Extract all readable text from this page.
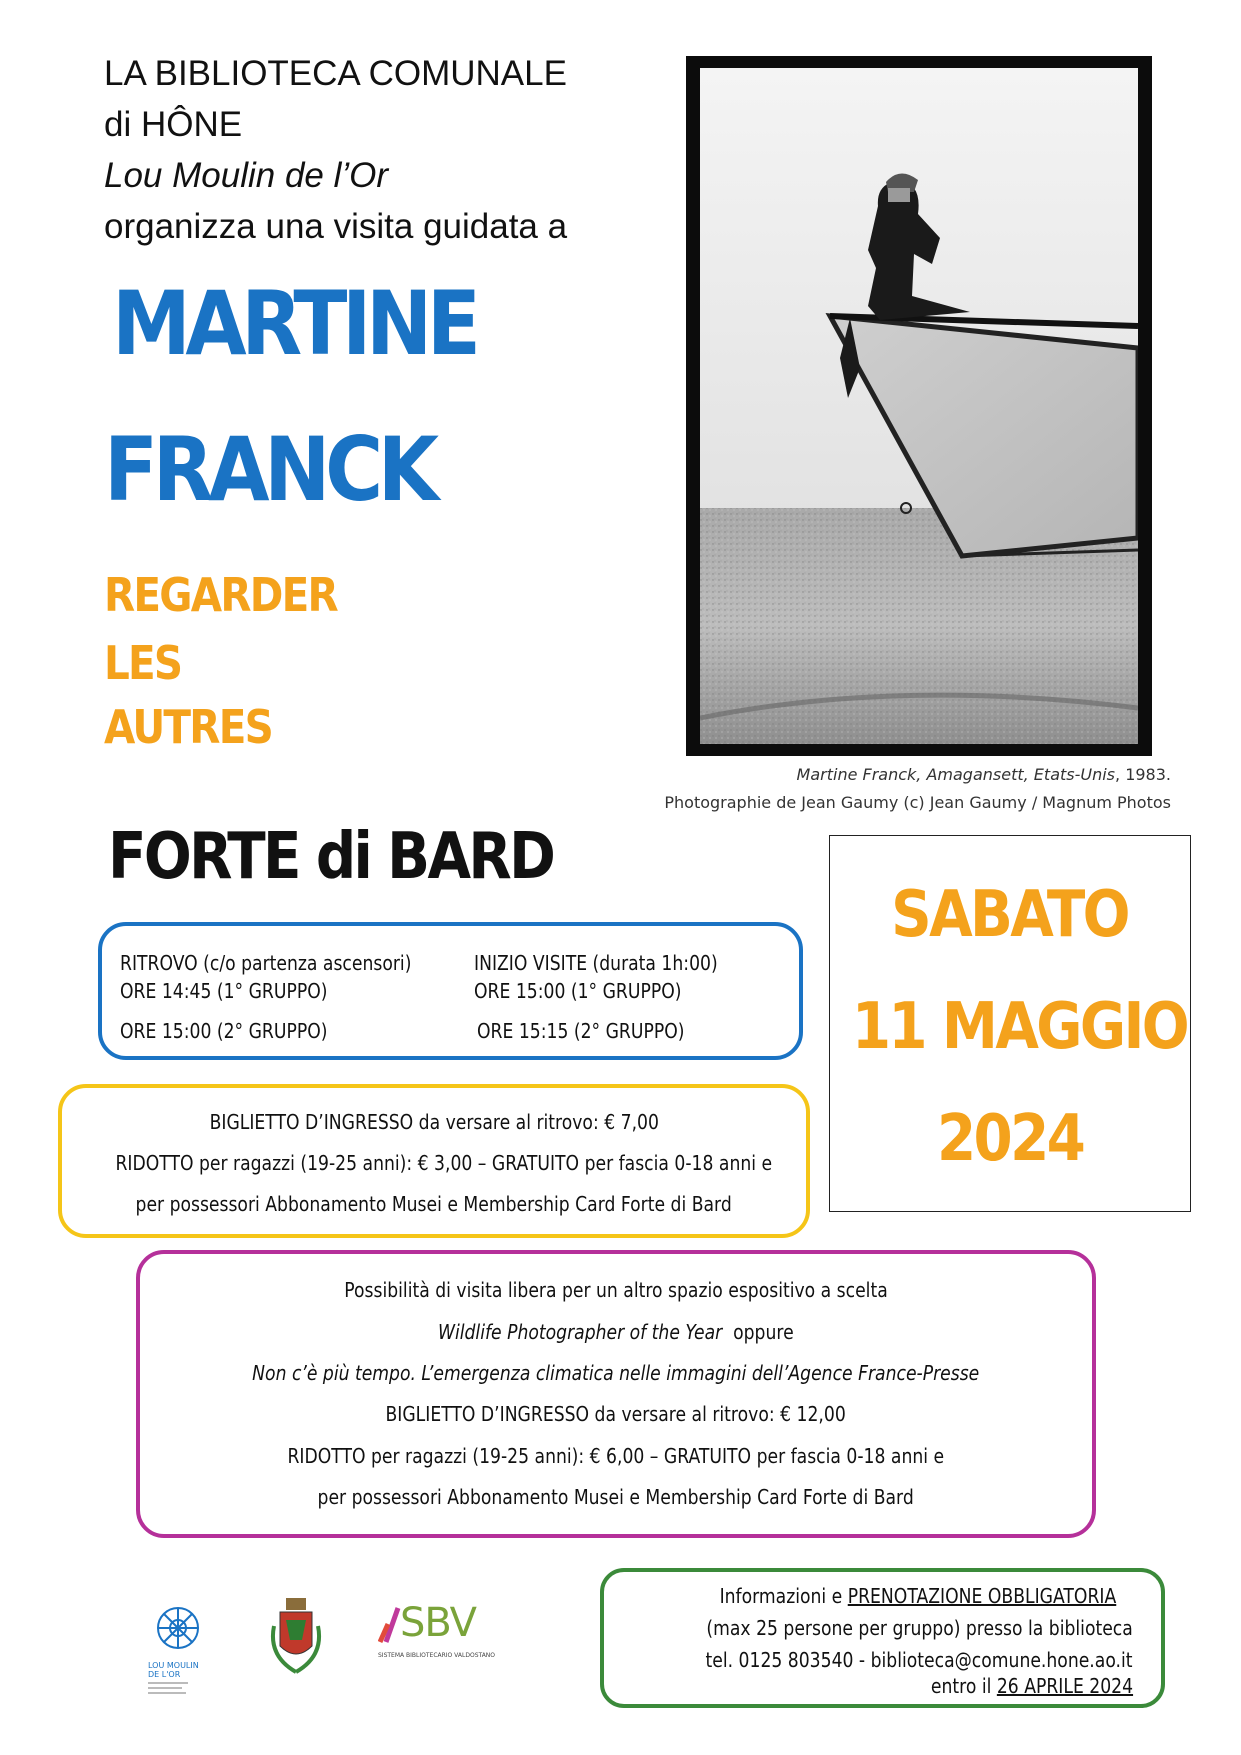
LA BIBLIOTECA COMUNALE
di HÔNE
Lou Moulin de l’Or
organizza una visita guidata a
MARTINE
FRANCK
REGARDER
LES
AUTRES
FORTE di BARD
Martine Franck, Amagansett, Etats-Unis, 1983.
Photographie de Jean Gaumy (c) Jean Gaumy / Magnum Photos
SABATO
11 MAGGIO
2024
RITROVO (c/o partenza ascensori)
ORE 14:45 (1° GRUPPO)
ORE 15:00 (2° GRUPPO)
INIZIO VISITE (durata 1h:00)
ORE 15:00 (1° GRUPPO)
ORE 15:15 (2° GRUPPO)
BIGLIETTO D’INGRESSO da versare al ritrovo: € 7,00
RIDOTTO per ragazzi (19-25 anni): € 3,00 – GRATUITO per fascia 0-18 anni e
per possessori Abbonamento Musei e Membership Card Forte di Bard
Possibilità di visita libera per un altro spazio espositivo a scelta
Wildlife Photographer of the Year oppure
Non c’è più tempo. L’emergenza climatica nelle immagini dell’Agence France-Presse
BIGLIETTO D’INGRESSO da versare al ritrovo: € 12,00
RIDOTTO per ragazzi (19-25 anni): € 6,00 – GRATUITO per fascia 0-18 anni e
per possessori Abbonamento Musei e Membership Card Forte di Bard
Informazioni e PRENOTAZIONE OBBLIGATORIA
(max 25 persone per gruppo) presso la biblioteca
tel. 0125 803540 - biblioteca@comune.hone.ao.it
entro il 26 APRILE 2024
LOU MOULIN
DE L'OR
SBV
SISTEMA BIBLIOTECARIO VALDOSTANO
